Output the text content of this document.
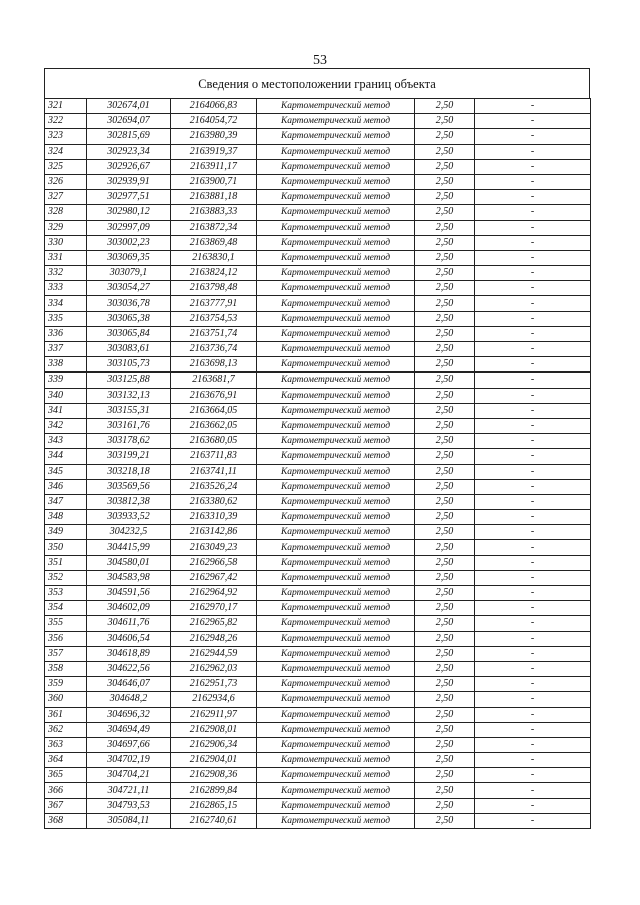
53
Сведения о местоположении границ объекта
321	302674,01	2164066,83	Картометрический метод	2,50	-
322	302694,07	2164054,72	Картометрический метод	2,50	-
323	302815,69	2163980,39	Картометрический метод	2,50	-
324	302923,34	2163919,37	Картометрический метод	2,50	-
325	302926,67	2163911,17	Картометрический метод	2,50	-
326	302939,91	2163900,71	Картометрический метод	2,50	-
327	302977,51	2163881,18	Картометрический метод	2,50	-
328	302980,12	2163883,33	Картометрический метод	2,50	-
329	302997,09	2163872,34	Картометрический метод	2,50	-
330	303002,23	2163869,48	Картометрический метод	2,50	-
331	303069,35	2163830,1	Картометрический метод	2,50	-
332	303079,1	2163824,12	Картометрический метод	2,50	-
333	303054,27	2163798,48	Картометрический метод	2,50	-
334	303036,78	2163777,91	Картометрический метод	2,50	-
335	303065,38	2163754,53	Картометрический метод	2,50	-
336	303065,84	2163751,74	Картометрический метод	2,50	-
337	303083,61	2163736,74	Картометрический метод	2,50	-
338	303105,73	2163698,13	Картометрический метод	2,50	-
339	303125,88	2163681,7	Картометрический метод	2,50	-
340	303132,13	2163676,91	Картометрический метод	2,50	-
341	303155,31	2163664,05	Картометрический метод	2,50	-
342	303161,76	2163662,05	Картометрический метод	2,50	-
343	303178,62	2163680,05	Картометрический метод	2,50	-
344	303199,21	2163711,83	Картометрический метод	2,50	-
345	303218,18	2163741,11	Картометрический метод	2,50	-
346	303569,56	2163526,24	Картометрический метод	2,50	-
347	303812,38	2163380,62	Картометрический метод	2,50	-
348	303933,52	2163310,39	Картометрический метод	2,50	-
349	304232,5	2163142,86	Картометрический метод	2,50	-
350	304415,99	2163049,23	Картометрический метод	2,50	-
351	304580,01	2162966,58	Картометрический метод	2,50	-
352	304583,98	2162967,42	Картометрический метод	2,50	-
353	304591,56	2162964,92	Картометрический метод	2,50	-
354	304602,09	2162970,17	Картометрический метод	2,50	-
355	304611,76	2162965,82	Картометрический метод	2,50	-
356	304606,54	2162948,26	Картометрический метод	2,50	-
357	304618,89	2162944,59	Картометрический метод	2,50	-
358	304622,56	2162962,03	Картометрический метод	2,50	-
359	304646,07	2162951,73	Картометрический метод	2,50	-
360	304648,2	2162934,6	Картометрический метод	2,50	-
361	304696,32	2162911,97	Картометрический метод	2,50	-
362	304694,49	2162908,01	Картометрический метод	2,50	-
363	304697,66	2162906,34	Картометрический метод	2,50	-
364	304702,19	2162904,01	Картометрический метод	2,50	-
365	304704,21	2162908,36	Картометрический метод	2,50	-
366	304721,11	2162899,84	Картометрический метод	2,50	-
367	304793,53	2162865,15	Картометрический метод	2,50	-
368	305084,11	2162740,61	Картометрический метод	2,50	-
